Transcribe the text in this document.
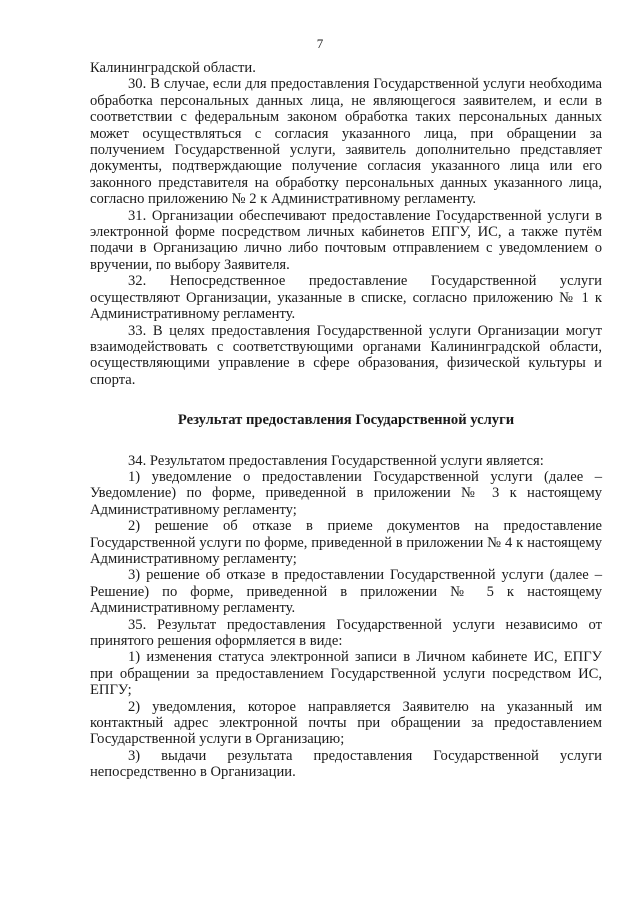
7

Калининградской области.

30. В случае, если для предоставления Государственной услуги необходима обработка персональных данных лица, не являющегося заявителем, и если в соответствии с федеральным законом обработка таких персональных данных может осуществляться с согласия указанного лица, при обращении за получением Государственной услуги, заявитель дополнительно представляет документы, подтверждающие получение согласия указанного лица или его законного представителя на обработку персональных данных указанного лица, согласно приложению № 2 к Административному регламенту.

31. Организации обеспечивают предоставление Государственной услуги в электронной форме посредством личных кабинетов ЕПГУ, ИС, а также путём подачи в Организацию лично либо почтовым отправлением с уведомлением о вручении, по выбору Заявителя.

32. Непосредственное предоставление Государственной услуги осуществляют Организации, указанные в списке, согласно приложению № 1 к Административному регламенту.

33. В целях предоставления Государственной услуги Организации могут взаимодействовать с соответствующими органами Калининградской области, осуществляющими управление в сфере образования, физической культуры и спорта.

Результат предоставления Государственной услуги

34. Результатом предоставления Государственной услуги является:

1) уведомление о предоставлении Государственной услуги (далее – Уведомление) по форме, приведенной в приложении № 3 к настоящему Административному регламенту;

2) решение об отказе в приеме документов на предоставление Государственной услуги по форме, приведенной в приложении № 4 к настоящему Административному регламенту;

3) решение об отказе в предоставлении Государственной услуги (далее – Решение) по форме, приведенной в приложении № 5 к настоящему Административному регламенту.

35. Результат предоставления Государственной услуги независимо от принятого решения оформляется в виде:

1) изменения статуса электронной записи в Личном кабинете ИС, ЕПГУ при обращении за предоставлением Государственной услуги посредством ИС, ЕПГУ;

2) уведомления, которое направляется Заявителю на указанный им контактный адрес электронной почты при обращении за предоставлением Государственной услуги в Организацию;

3) выдачи результата предоставления Государственной услуги непосредственно в Организации.
